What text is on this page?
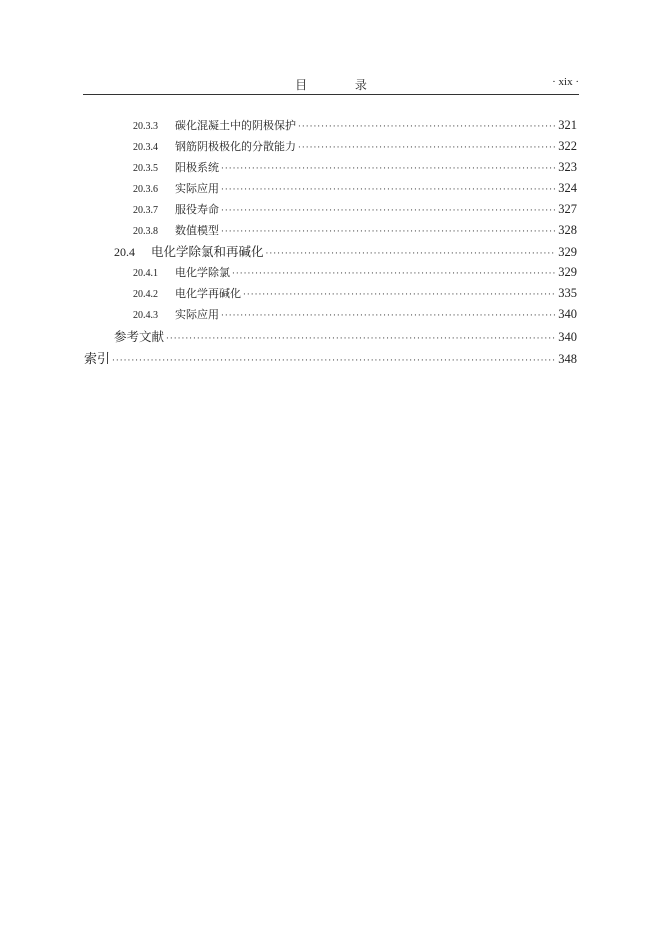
目 录	· xix ·
20.3.3	碳化混凝土中的阴极保护 ·····	321
20.3.4	钢筋阴极极化的分散能力 ·····	322
20.3.5	阳极系统 ·····	323
20.3.6	实际应用 ·····	324
20.3.7	服役寿命 ·····	327
20.3.8	数值模型 ·····	328
20.4	电化学除氯和再碱化 ·····	329
20.4.1	电化学除氯 ·····	329
20.4.2	电化学再碱化 ·····	335
20.4.3	实际应用 ·····	340
参考文献 ·····	340
索引 ·····	348
